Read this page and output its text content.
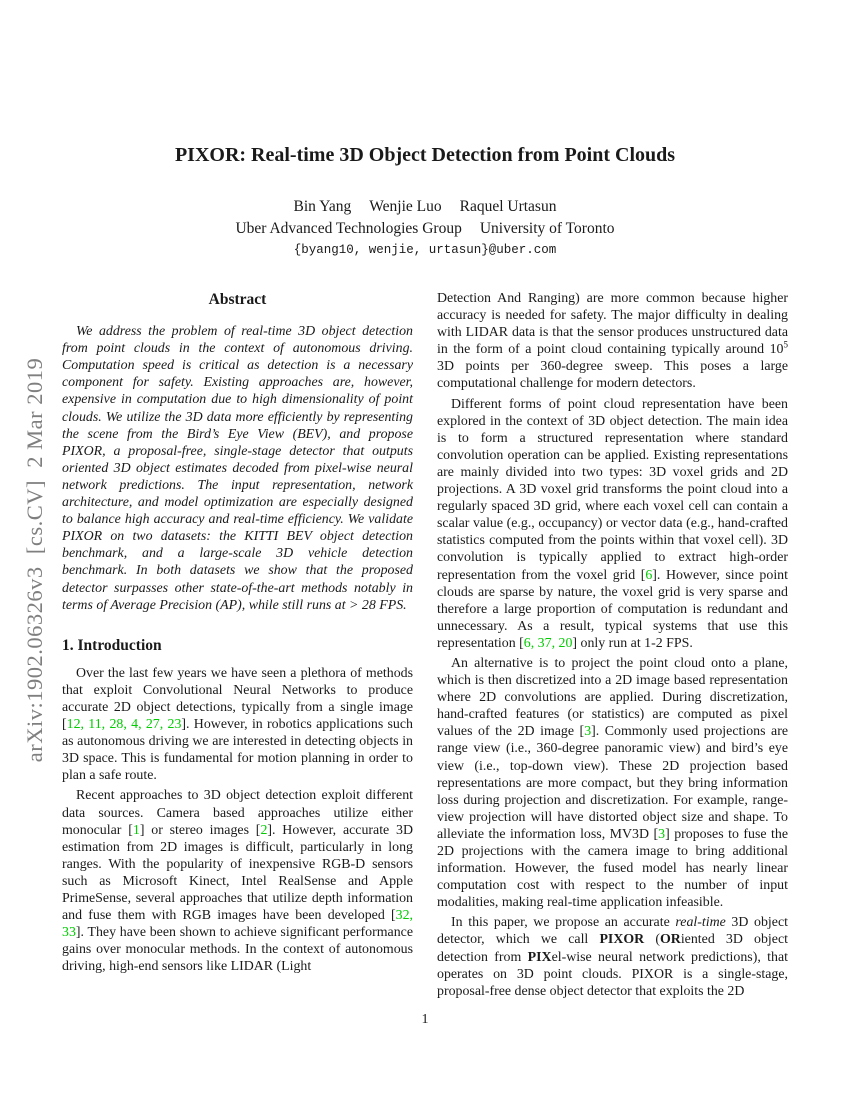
arXiv:1902.06326v3  [cs.CV]  2 Mar 2019
PIXOR: Real-time 3D Object Detection from Point Clouds
Bin Yang Wenjie Luo Raquel Urtasun
Uber Advanced Technologies Group University of Toronto
{byang10, wenjie, urtasun}@uber.com
Abstract

We address the problem of real-time 3D object detection from point clouds in the context of autonomous driving. Computation speed is critical as detection is a necessary component for safety. Existing approaches are, however, expensive in computation due to high dimensionality of point clouds. We utilize the 3D data more efficiently by representing the scene from the Bird’s Eye View (BEV), and propose PIXOR, a proposal-free, single-stage detector that outputs oriented 3D object estimates decoded from pixel-wise neural network predictions. The input representation, network architecture, and model optimization are especially designed to balance high accuracy and real-time efficiency. We validate PIXOR on two datasets: the KITTI BEV object detection benchmark, and a large-scale 3D vehicle detection benchmark. In both datasets we show that the proposed detector surpasses other state-of-the-art methods notably in terms of Average Precision (AP), while still runs at > 28 FPS.

1. Introduction

Over the last few years we have seen a plethora of methods that exploit Convolutional Neural Networks to produce accurate 2D object detections, typically from a single image [12, 11, 28, 4, 27, 23]. However, in robotics applications such as autonomous driving we are interested in detecting objects in 3D space. This is fundamental for motion planning in order to plan a safe route.

Recent approaches to 3D object detection exploit different data sources. Camera based approaches utilize either monocular [1] or stereo images [2]. However, accurate 3D estimation from 2D images is difficult, particularly in long ranges. With the popularity of inexpensive RGB-D sensors such as Microsoft Kinect, Intel RealSense and Apple PrimeSense, several approaches that utilize depth information and fuse them with RGB images have been developed [32, 33]. They have been shown to achieve significant performance gains over monocular methods. In the context of autonomous driving, high-end sensors like LIDAR (Light

Detection And Ranging) are more common because higher accuracy is needed for safety. The major difficulty in dealing with LIDAR data is that the sensor produces unstructured data in the form of a point cloud containing typically around $10^5$ 3D points per 360-degree sweep. This poses a large computational challenge for modern detectors.

Different forms of point cloud representation have been explored in the context of 3D object detection. The main idea is to form a structured representation where standard convolution operation can be applied. Existing representations are mainly divided into two types: 3D voxel grids and 2D projections. A 3D voxel grid transforms the point cloud into a regularly spaced 3D grid, where each voxel cell can contain a scalar value (e.g., occupancy) or vector data (e.g., hand-crafted statistics computed from the points within that voxel cell). 3D convolution is typically applied to extract high-order representation from the voxel grid [6]. However, since point clouds are sparse by nature, the voxel grid is very sparse and therefore a large proportion of computation is redundant and unnecessary. As a result, typical systems that use this representation [6, 37, 20] only run at 1-2 FPS.

An alternative is to project the point cloud onto a plane, which is then discretized into a 2D image based representation where 2D convolutions are applied. During discretization, hand-crafted features (or statistics) are computed as pixel values of the 2D image [3]. Commonly used projections are range view (i.e., 360-degree panoramic view) and bird’s eye view (i.e., top-down view). These 2D projection based representations are more compact, but they bring information loss during projection and discretization. For example, range-view projection will have distorted object size and shape. To alleviate the information loss, MV3D [3] proposes to fuse the 2D projections with the camera image to bring additional information. However, the fused model has nearly linear computation cost with respect to the number of input modalities, making real-time application infeasible.

In this paper, we propose an accurate real-time 3D object detector, which we call PIXOR (ORiented 3D object detection from PIXel-wise neural network predictions), that operates on 3D point clouds. PIXOR is a single-stage, proposal-free dense object detector that exploits the 2D

1
